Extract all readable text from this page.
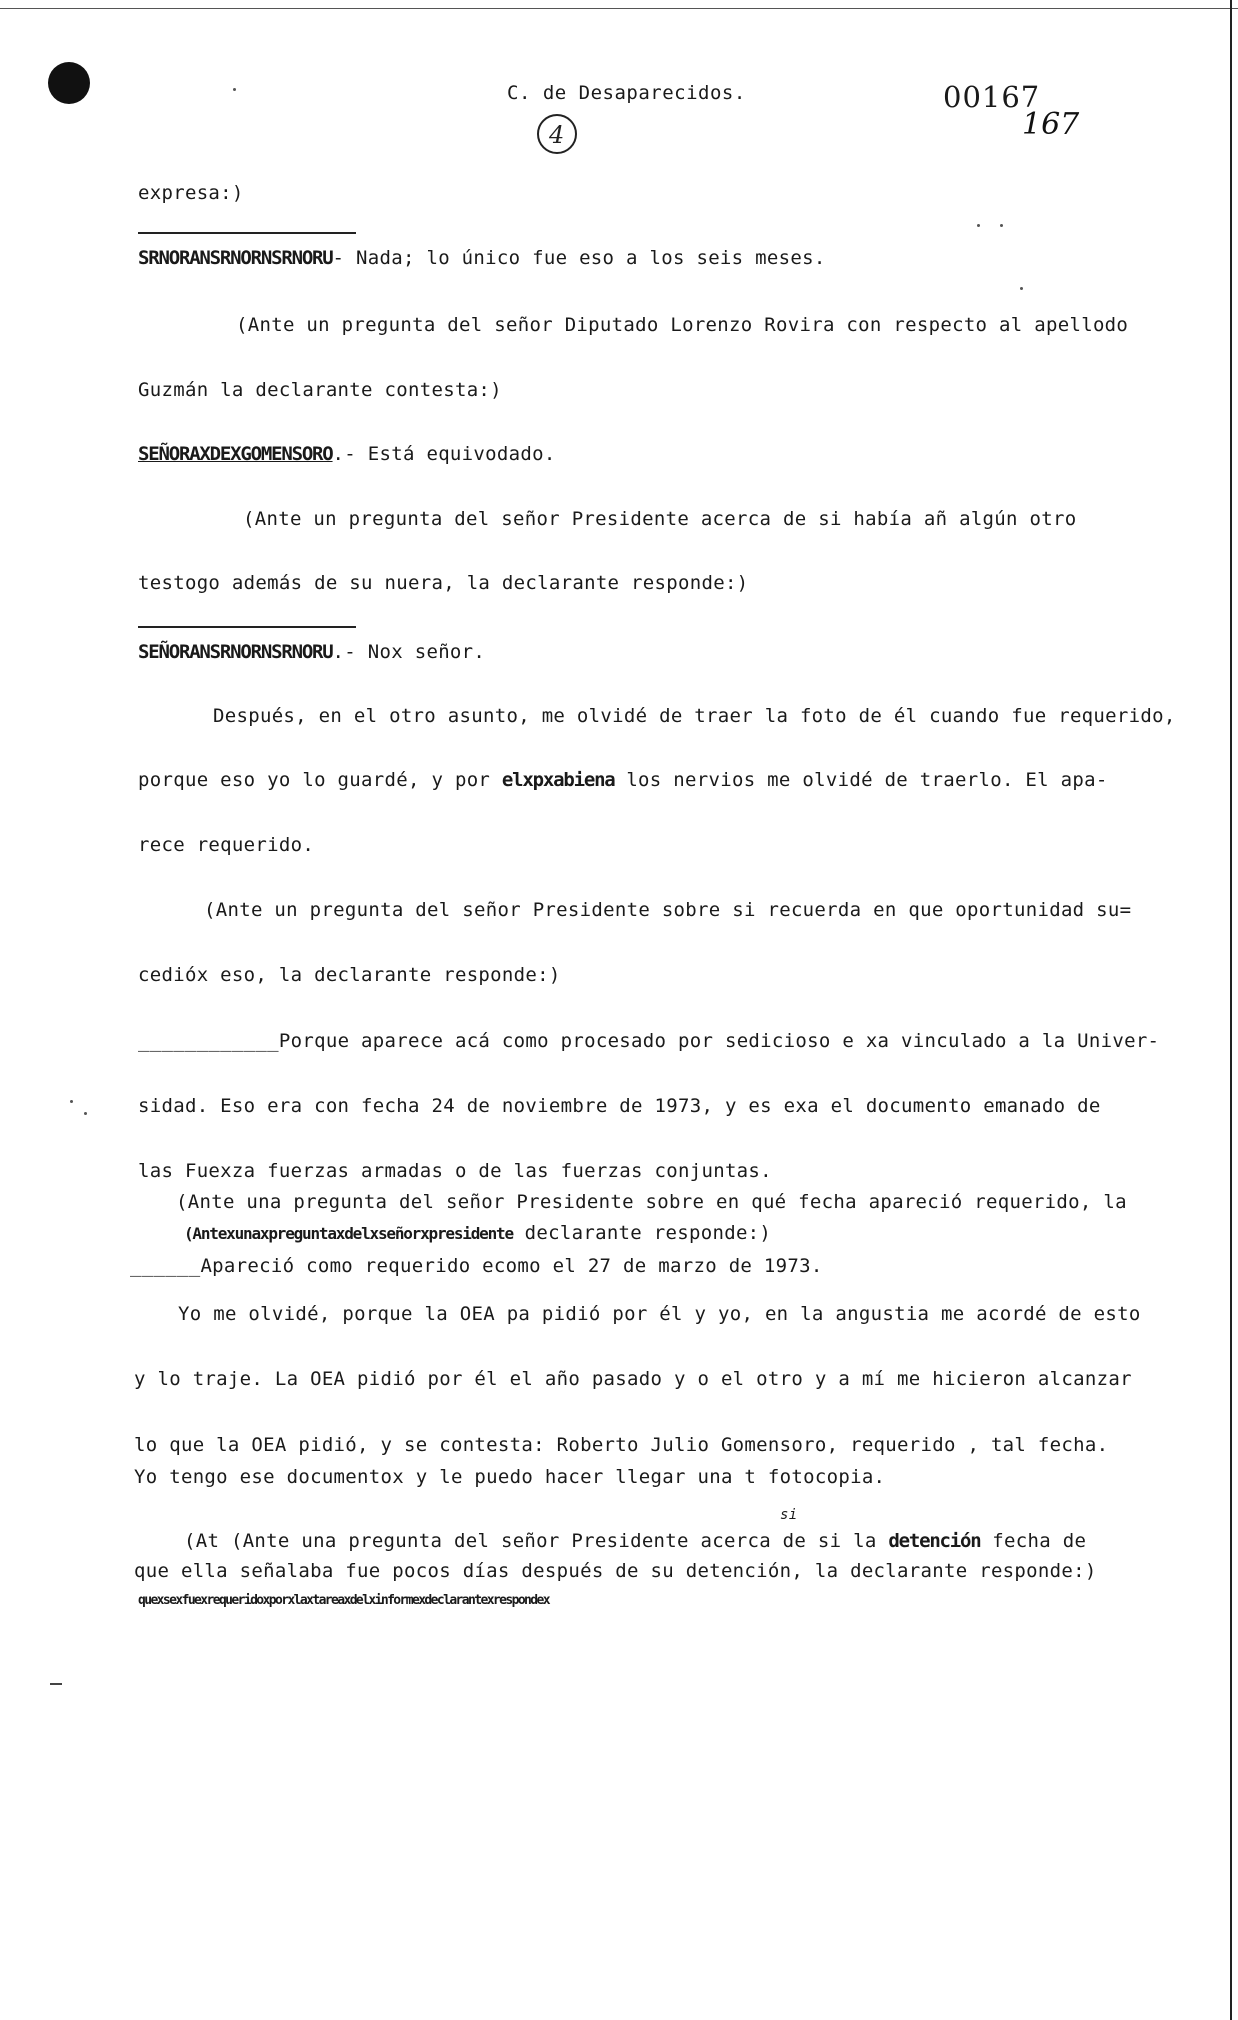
C. de Desaparecidos.	00167
167
4
expresa:)
SRNORANSRNORNSRNORU- Nada; lo único fue eso a los seis meses.
(Ante un pregunta del señor Diputado Lorenzo Rovira con respecto al apellodo
Guzmán la declarante contesta:)
SEÑORAXDEXGOMENSORO.- Está equivodado.
(Ante un pregunta del señor Presidente acerca de si había añ algún otro
testogo además de su nuera, la declarante responde:)
SEÑORANSRNORNSRNORU.- Nox señor.
Después, en el otro asunto, me olvidé de traer la foto de él cuando fue requerido,
porque eso yo lo guardé, y por elxpxabiena los nervios me olvidé de traerlo. El apa-
rece requerido.
(Ante un pregunta del señor Presidente sobre si recuerda en que oportunidad su=
cedióx eso, la declarante responde:)
____________Porque aparece acá como procesado por sedicioso e xa vinculado a la Univer-
sidad. Eso era con fecha 24 de noviembre de 1973, y es exa el documento emanado de
las Fuexza fuerzas armadas o de las fuerzas conjuntas.
(Ante una pregunta del señor Presidente sobre en qué fecha apareció requerido, la
(Antexunaxpreguntaxdelxseñorxpresidente declarante responde:)
______Apareció como requerido ecomo el 27 de marzo de 1973.
Yo me olvidé, porque la OEA pa pidió por él y yo, en la angustia me acordé de esto
y lo traje. La OEA pidió por él el año pasado y o el otro y a mí me hicieron alcanzar
lo que la OEA pidió, y se contesta: Roberto Julio Gomensoro, requerido , tal fecha.
Yo tengo ese documentox y le puedo hacer llegar una t fotocopia.
si
(At (Ante una pregunta del señor Presidente acerca de si la detención fecha de
que ella señalaba fue pocos días después de su detención, la declarante responde:)
quexsexfuexrequeridoxporxlaxtareaxdelxinformexdeclarantexrespondex
